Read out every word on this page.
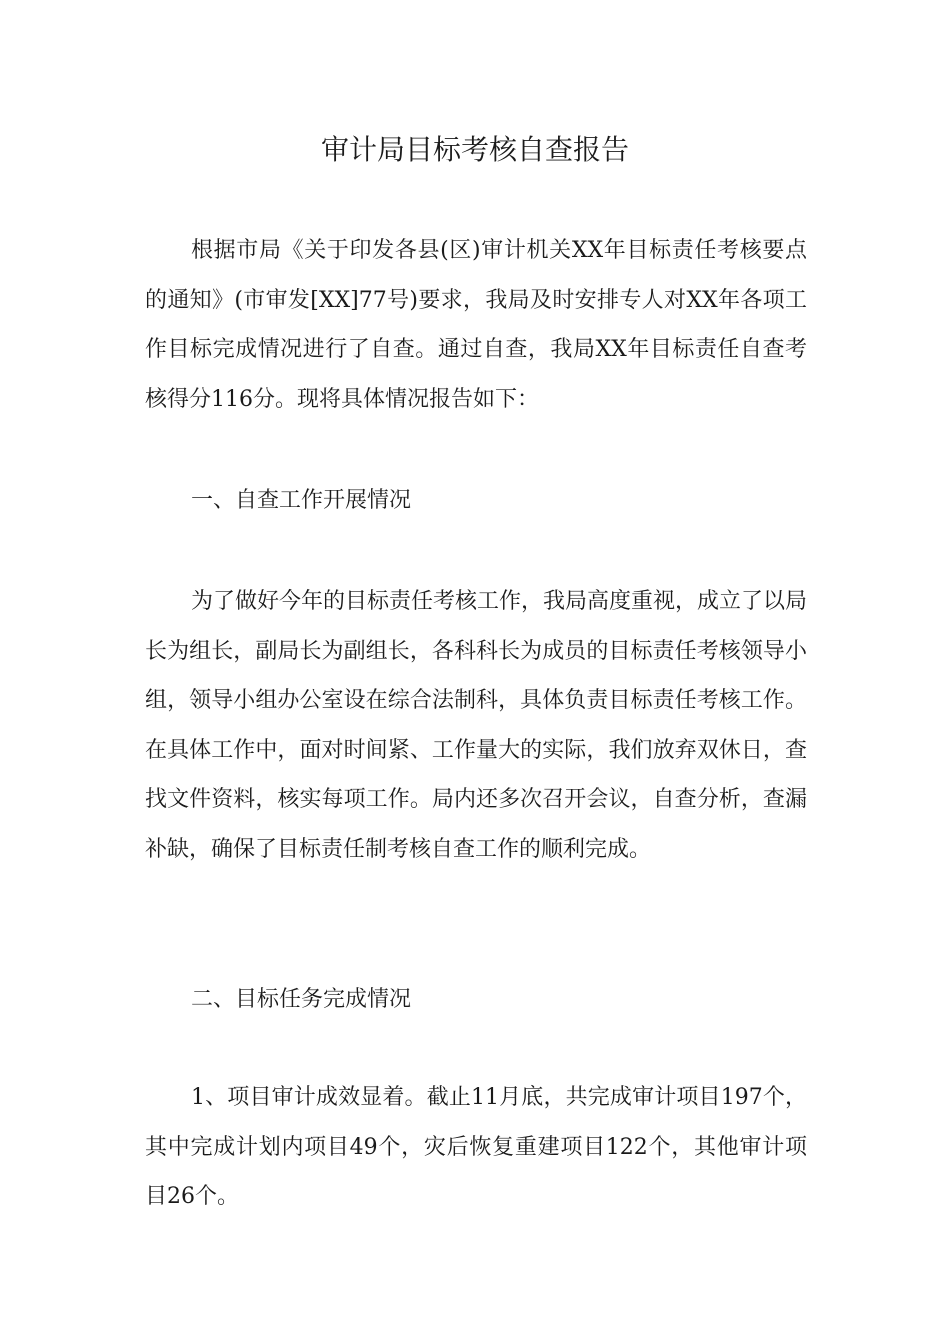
审计局目标考核自查报告

根据市局《关于印发各县(区)审计机关XX年目标责任考核要点的通知》(市审发[XX]77号)要求，我局及时安排专人对XX年各项工作目标完成情况进行了自查。通过自查，我局XX年目标责任自查考核得分116分。现将具体情况报告如下：

一、自查工作开展情况

为了做好今年的目标责任考核工作，我局高度重视，成立了以局长为组长，副局长为副组长，各科科长为成员的目标责任考核领导小组，领导小组办公室设在综合法制科，具体负责目标责任考核工作。在具体工作中，面对时间紧、工作量大的实际，我们放弃双休日，查找文件资料，核实每项工作。局内还多次召开会议，自查分析，查漏补缺，确保了目标责任制考核自查工作的顺利完成。

二、目标任务完成情况

1、项目审计成效显着。截止11月底，共完成审计项目197个，其中完成计划内项目49个，灾后恢复重建项目122个，其他审计项目26个。
